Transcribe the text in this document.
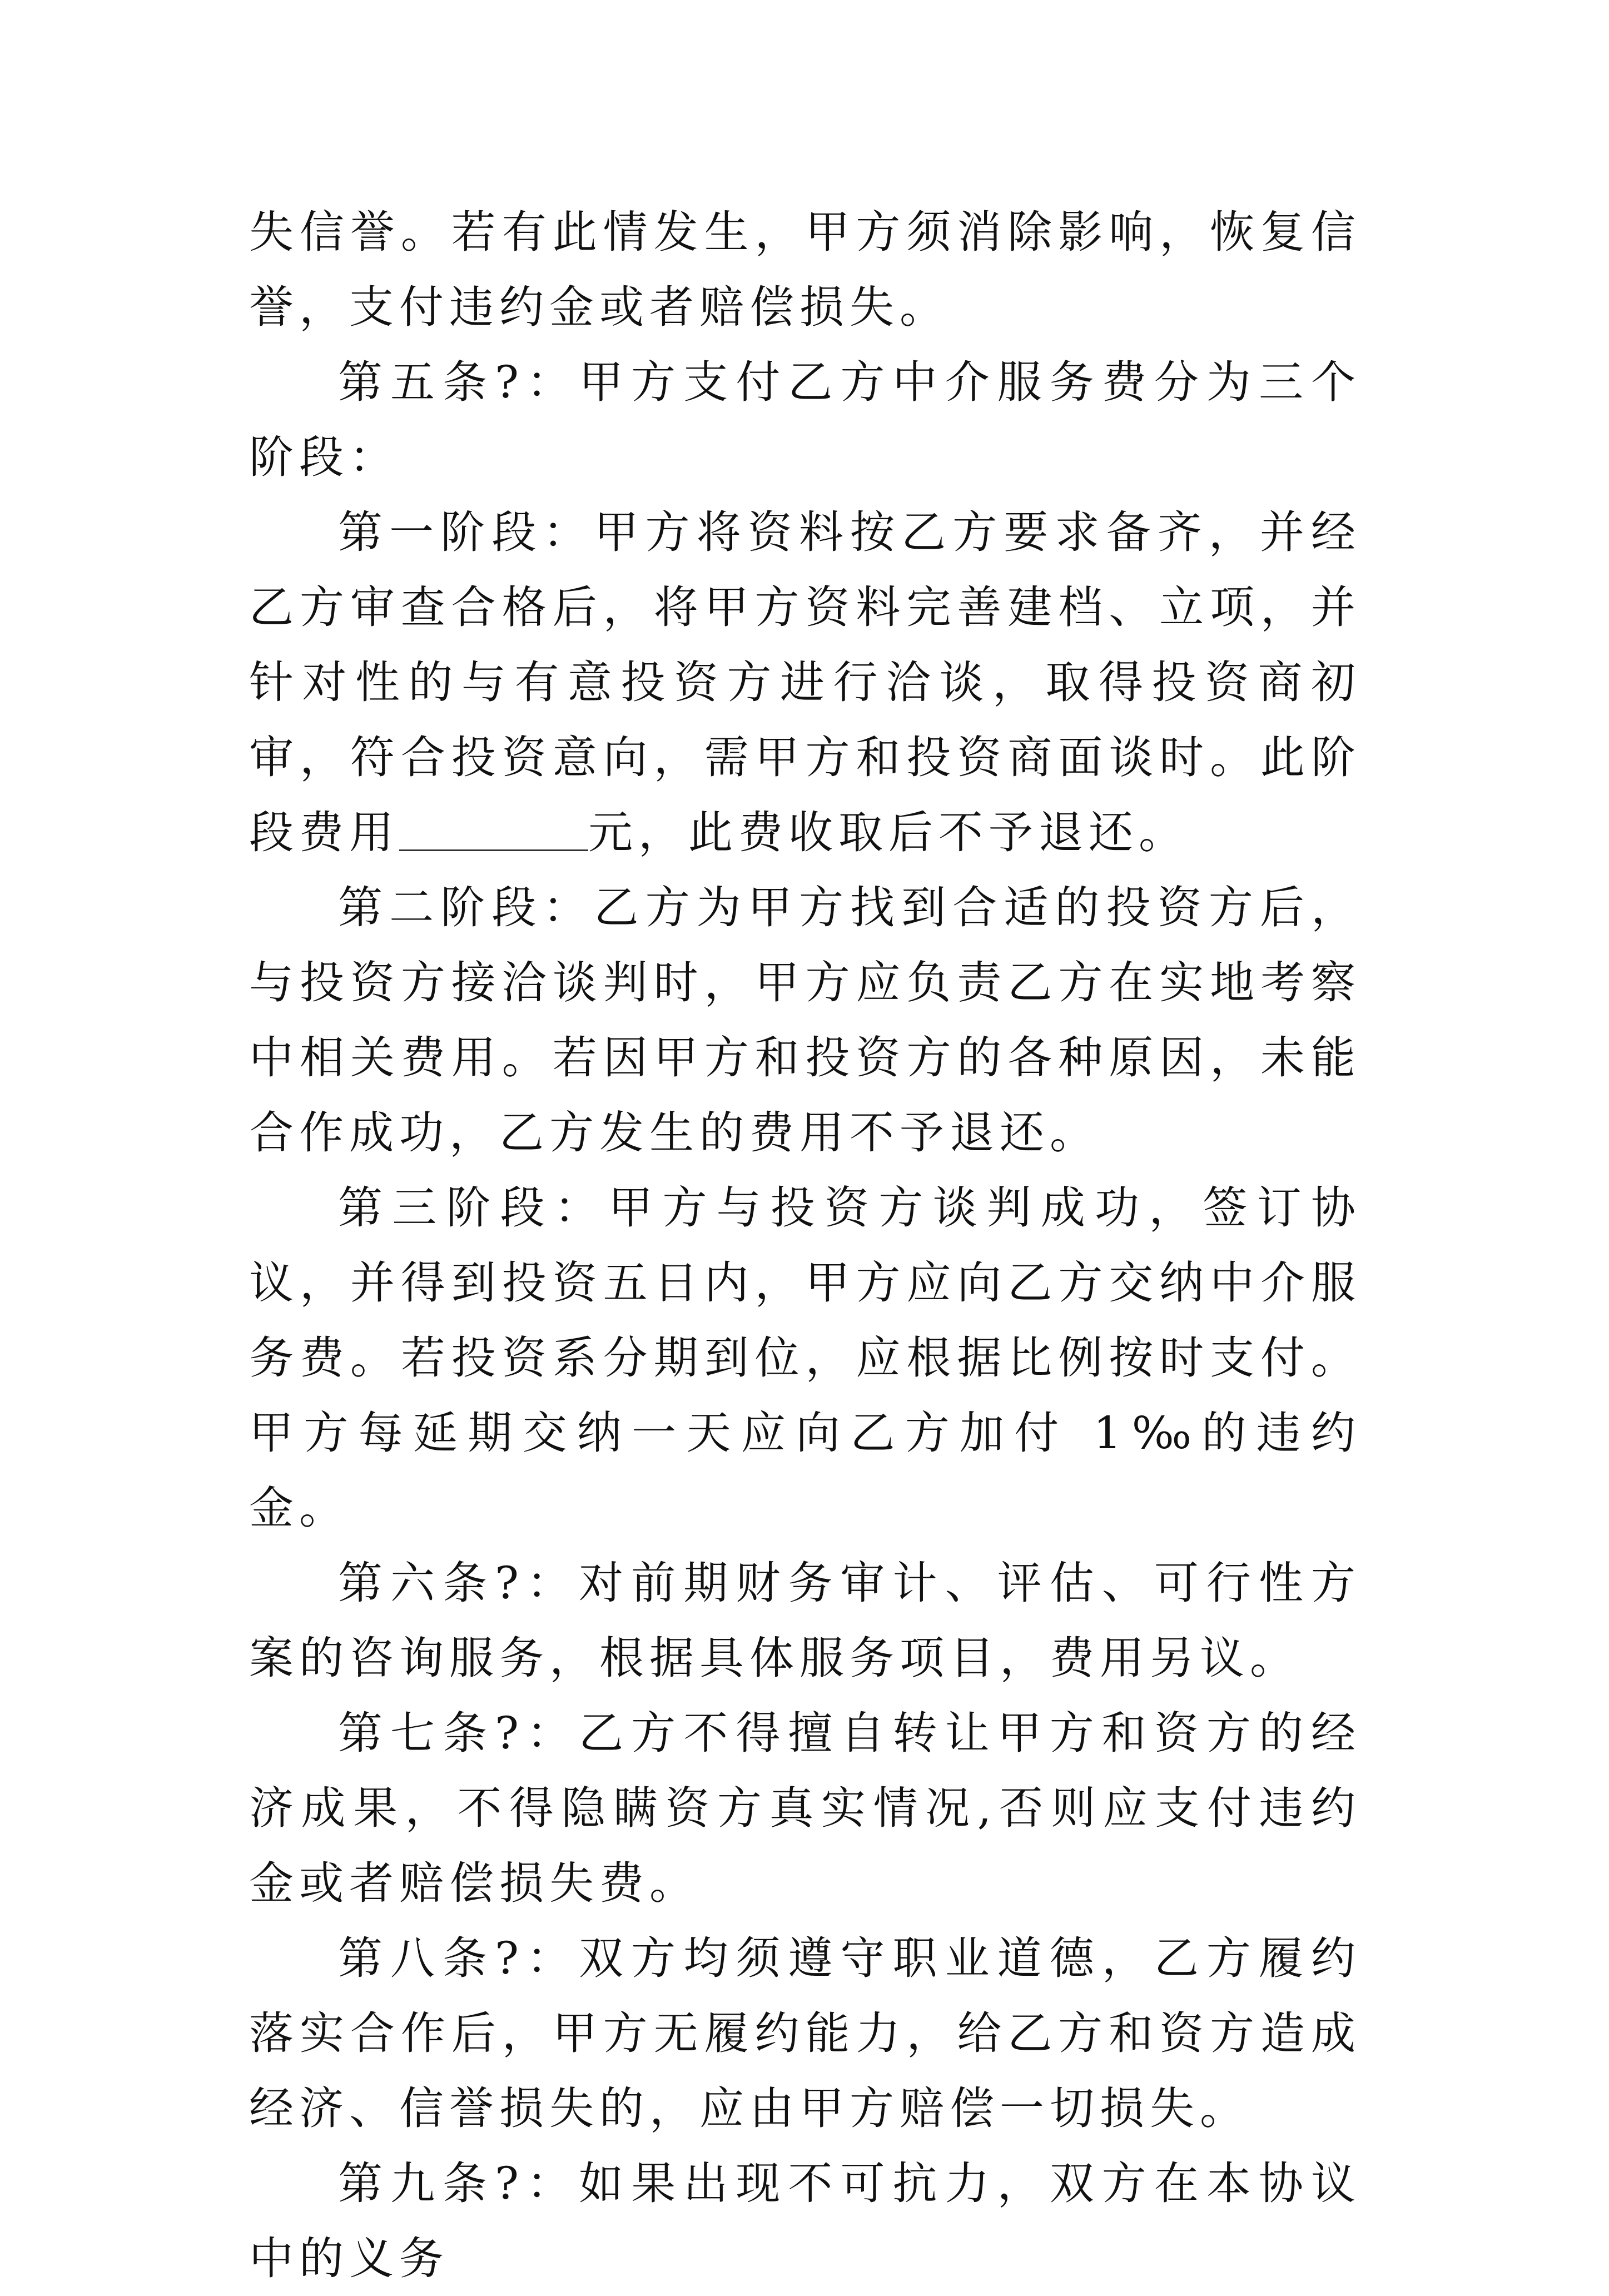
失信誉。若有此情发生，甲方须消除影响，恢复信誉，支付违约金或者赔偿损失。

第五条?：甲方支付乙方中介服务费分为三个阶段：

第一阶段：甲方将资料按乙方要求备齐，并经乙方审查合格后，将甲方资料完善建档、立项，并针对性的与有意投资方进行洽谈，取得投资商初审，符合投资意向，需甲方和投资商面谈时。此阶段费用	元，此费收取后不予退还。

第二阶段：乙方为甲方找到合适的投资方后，与投资方接洽谈判时，甲方应负责乙方在实地考察中相关费用。若因甲方和投资方的各种原因，未能合作成功，乙方发生的费用不予退还。

第三阶段：甲方与投资方谈判成功，签订协议，并得到投资五日内，甲方应向乙方交纳中介服务费。若投资系分期到位，应根据比例按时支付。甲方每延期交纳一天应向乙方加付 1‰的违约金。

第六条?：对前期财务审计、评估、可行性方案的咨询服务，根据具体服务项目，费用另议。

第七条?：乙方不得擅自转让甲方和资方的经济成果，不得隐瞒资方真实情况,否则应支付违约金或者赔偿损失费。

第八条?：双方均须遵守职业道德，乙方履约落实合作后，甲方无履约能力，给乙方和资方造成经济、信誉损失的，应由甲方赔偿一切损失。

第九条?：如果出现不可抗力，双方在本协议中的义务
